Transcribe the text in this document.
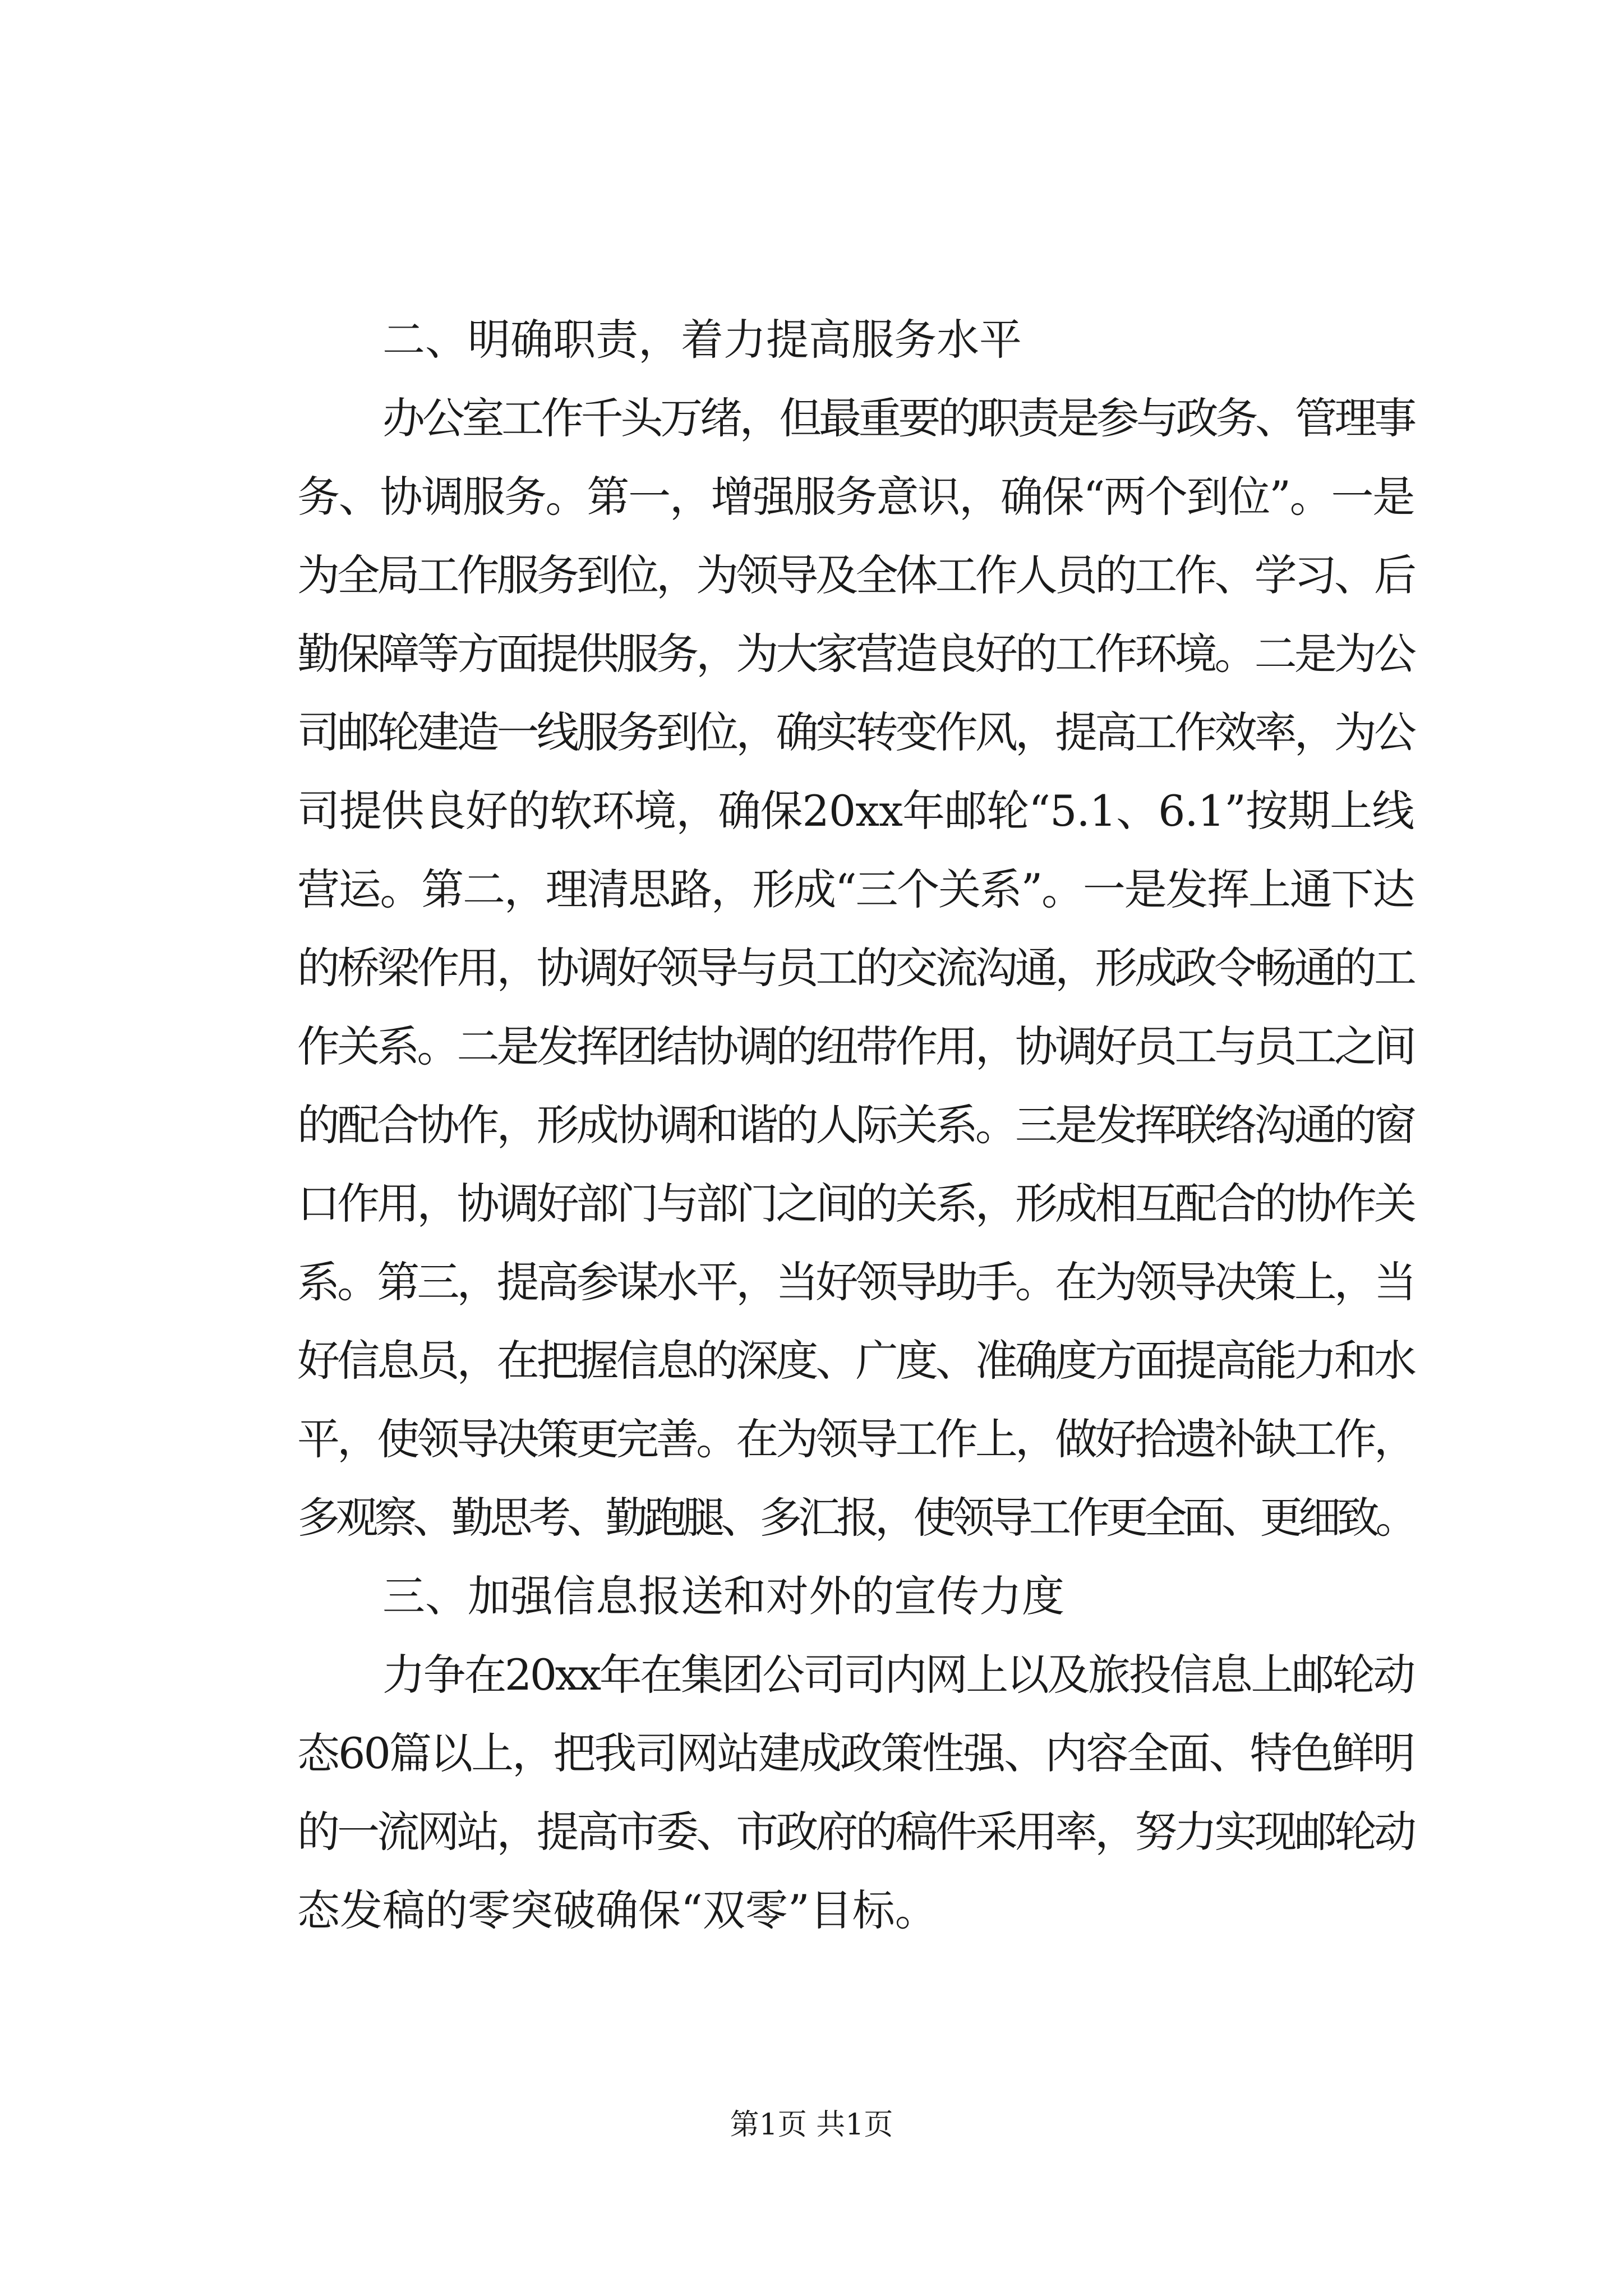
二、明确职责，着力提高服务水平

办公室工作千头万绪，但最重要的职责是参与政务、管理事

务、协调服务。第一，增强服务意识，确保“两个到位”。一是

为全局工作服务到位，为领导及全体工作人员的工作、学习、后

勤保障等方面提供服务，为大家营造良好的工作环境。二是为公

司邮轮建造一线服务到位，确实转变作风，提高工作效率，为公

司提供良好的软环境，确保20xx年邮轮“5.1、6.1”按期上线

营运。第二，理清思路，形成“三个关系”。一是发挥上通下达

的桥梁作用，协调好领导与员工的交流沟通，形成政令畅通的工

作关系。二是发挥团结协调的纽带作用，协调好员工与员工之间

的配合协作，形成协调和谐的人际关系。三是发挥联络沟通的窗

口作用，协调好部门与部门之间的关系，形成相互配合的协作关

系。第三，提高参谋水平，当好领导助手。在为领导决策上，当

好信息员，在把握信息的深度、广度、准确度方面提高能力和水

平，使领导决策更完善。在为领导工作上，做好拾遗补缺工作，

多观察、勤思考、勤跑腿、多汇报，使领导工作更全面、更细致。

三、加强信息报送和对外的宣传力度

力争在20xx年在集团公司司内网上以及旅投信息上邮轮动

态60篇以上，把我司网站建成政策性强、内容全面、特色鲜明

的一流网站，提高市委、市政府的稿件采用率，努力实现邮轮动

态发稿的零突破确保“双零”目标。

第1页 共1页
